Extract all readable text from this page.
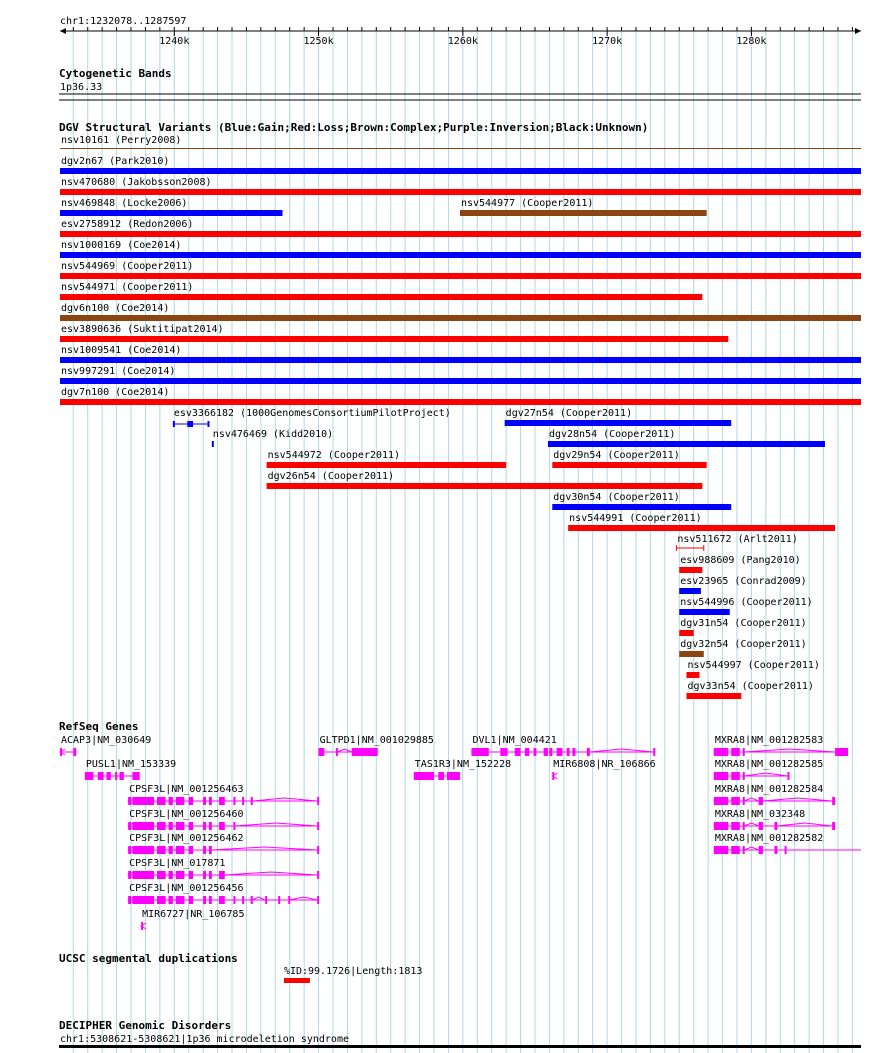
chr1:1232078..1287597
1240k	1250k	1260k	1270k	1280k
Cytogenetic Bands
1p36.33
DGV Structural Variants (Blue:Gain;Red:Loss;Brown:Complex;Purple:Inversion;Black:Unknown)
nsv10161 (Perry2008)
dgv2n67 (Park2010)
nsv470680 (Jakobsson2008)
nsv469848 (Locke2006)	nsv544977 (Cooper2011)
esv2758912 (Redon2006)
nsv1000169 (Coe2014)
nsv544969 (Cooper2011)
nsv544971 (Cooper2011)
dgv6n100 (Coe2014)
esv3890636 (Suktitipat2014)
nsv1009541 (Coe2014)
nsv997291 (Coe2014)
dgv7n100 (Coe2014)
esv3366182 (1000GenomesConsortiumPilotProject)	dgv27n54 (Cooper2011)
nsv476469 (Kidd2010)	dgv28n54 (Cooper2011)
nsv544972 (Cooper2011)	dgv29n54 (Cooper2011)
dgv26n54 (Cooper2011)
dgv30n54 (Cooper2011)
nsv544991 (Cooper2011)
nsv511672 (Arlt2011)
esv988609 (Pang2010)
esv23965 (Conrad2009)
nsv544996 (Cooper2011)
dgv31n54 (Cooper2011)
dgv32n54 (Cooper2011)
nsv544997 (Cooper2011)
dgv33n54 (Cooper2011)
RefSeq Genes
ACAP3|NM_030649
PUSL1|NM_153339
CPSF3L|NM_001256463
CPSF3L|NM_001256460
CPSF3L|NM_001256462
CPSF3L|NM_017871
CPSF3L|NM_001256456
MIR6727|NR_106785
GLTPD1|NM_001029885
TAS1R3|NM_152228
DVL1|NM_004421
MIR6808|NR_106866
MXRA8|NM_001282583
MXRA8|NM_001282585
MXRA8|NM_001282584
MXRA8|NM_032348
MXRA8|NM_001282582
UCSC segmental duplications
%ID:99.1726|Length:1813
DECIPHER Genomic Disorders
chr1:5308621-5308621|1p36 microdeletion syndrome
